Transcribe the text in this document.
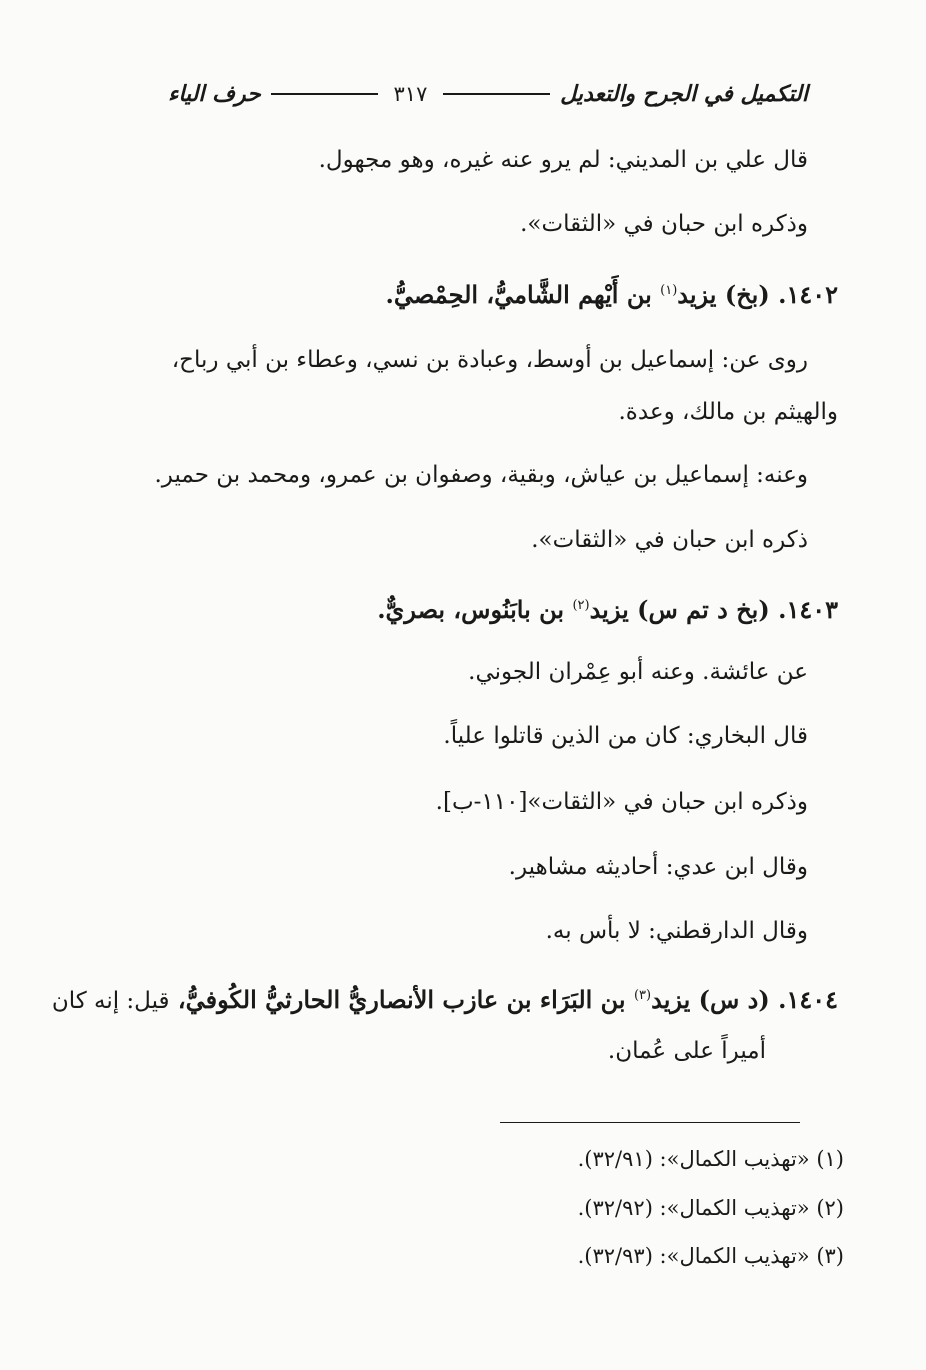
التكميل في الجرح والتعديل
٣١٧
حرف الياء
قال علي بن المديني: لم يرو عنه غيره، وهو مجهول.
وذكره ابن حبان في «الثقات».
١٤٠٢. (بخ) يزيد$^{(١)}$ بن أَيْهم الشَّاميُّ، الحِمْصيُّ.
روى عن: إسماعيل بن أوسط، وعبادة بن نسي، وعطاء بن أبي رباح،
والهيثم بن مالك، وعدة.
وعنه: إسماعيل بن عياش، وبقية، وصفوان بن عمرو، ومحمد بن حمير.
ذكره ابن حبان في «الثقات».
١٤٠٣. (بخ د تم س) يزيد$^{(٢)}$ بن بابَنُوس، بصريٌّ.
عن عائشة. وعنه أبو عِمْران الجوني.
قال البخاري: كان من الذين قاتلوا علياً.
وذكره ابن حبان في «الثقات»[١١٠-ب].
وقال ابن عدي: أحاديثه مشاهير.
وقال الدارقطني: لا بأس به.
١٤٠٤. (د س) يزيد$^{(٣)}$ بن البَرَاء بن عازب الأنصاريُّ الحارثيُّ الكُوفيُّ، قيل: إنه كان
أميراً على عُمان.
(١) «تهذيب الكمال»: (٣٢/٩١).
(٢) «تهذيب الكمال»: (٣٢/٩٢).
(٣) «تهذيب الكمال»: (٣٢/٩٣).
